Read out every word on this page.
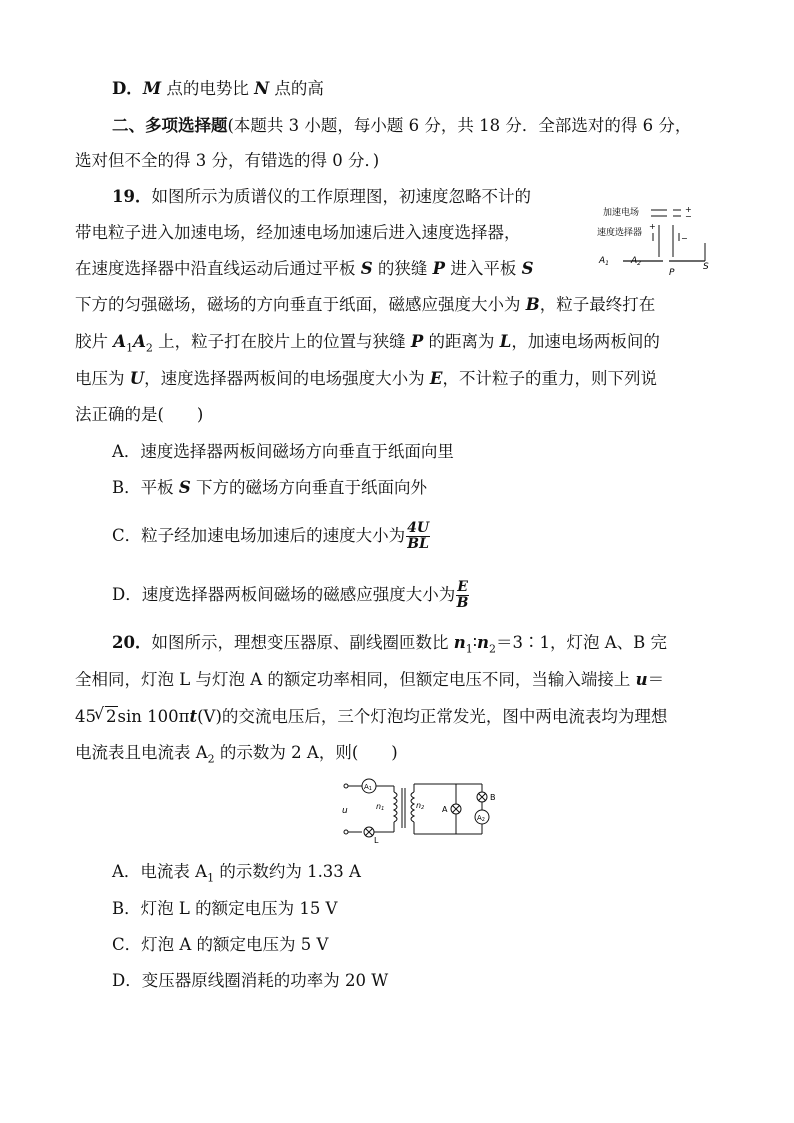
D．M 点的电势比 N 点的高
二、多项选择题(本题共 3 小题，每小题 6 分，共 18 分．全部选对的得 6 分，
选对但不全的得 3 分，有错选的得 0 分．)
19．如图所示为质谱仪的工作原理图，初速度忽略不计的
带电粒子进入加速电场，经加速电场加速后进入速度选择器，
在速度选择器中沿直线运动后通过平板 S 的狭缝 P 进入平板 S
下方的匀强磁场，磁场的方向垂直于纸面，磁感应强度大小为 B，粒子最终打在
胶片 $A_1A_2$ 上，粒子打在胶片上的位置与狭缝 P 的距离为 L，加速电场两板间的
电压为 U，速度选择器两板间的电场强度大小为 E，不计粒子的重力，则下列说
法正确的是(　　)
A．速度选择器两板间磁场方向垂直于纸面向里
B．平板 S 下方的磁场方向垂直于纸面向外
C．粒子经加速电场加速后的速度大小为 $\frac{4U}{BL}$
D．速度选择器两板间磁场的磁感应强度大小为 $\frac{E}{B}$
加速电场
速度选择器
+
−
+
−
$A_1$ $A_2$
P
S
20．如图所示，理想变压器原、副线圈匝数比 $n_1∶n_2=3∶1$，灯泡 A、B 完
全相同，灯泡 L 与灯泡 A 的额定功率相同，但额定电压不同，当输入端接上 u＝
45√ 2sin 100πt(V)的交流电压后，三个灯泡均正常发光，图中两电流表均为理想
电流表且电流表 $A_2$ 的示数为 2 A，则(　　)
u
A1
n1
L
n2 A
B
A2
A．电流表 $A_1$ 的示数约为 1.33 A
B．灯泡 L 的额定电压为 15 V
C．灯泡 A 的额定电压为 5 V
D．变压器原线圈消耗的功率为 20 W
